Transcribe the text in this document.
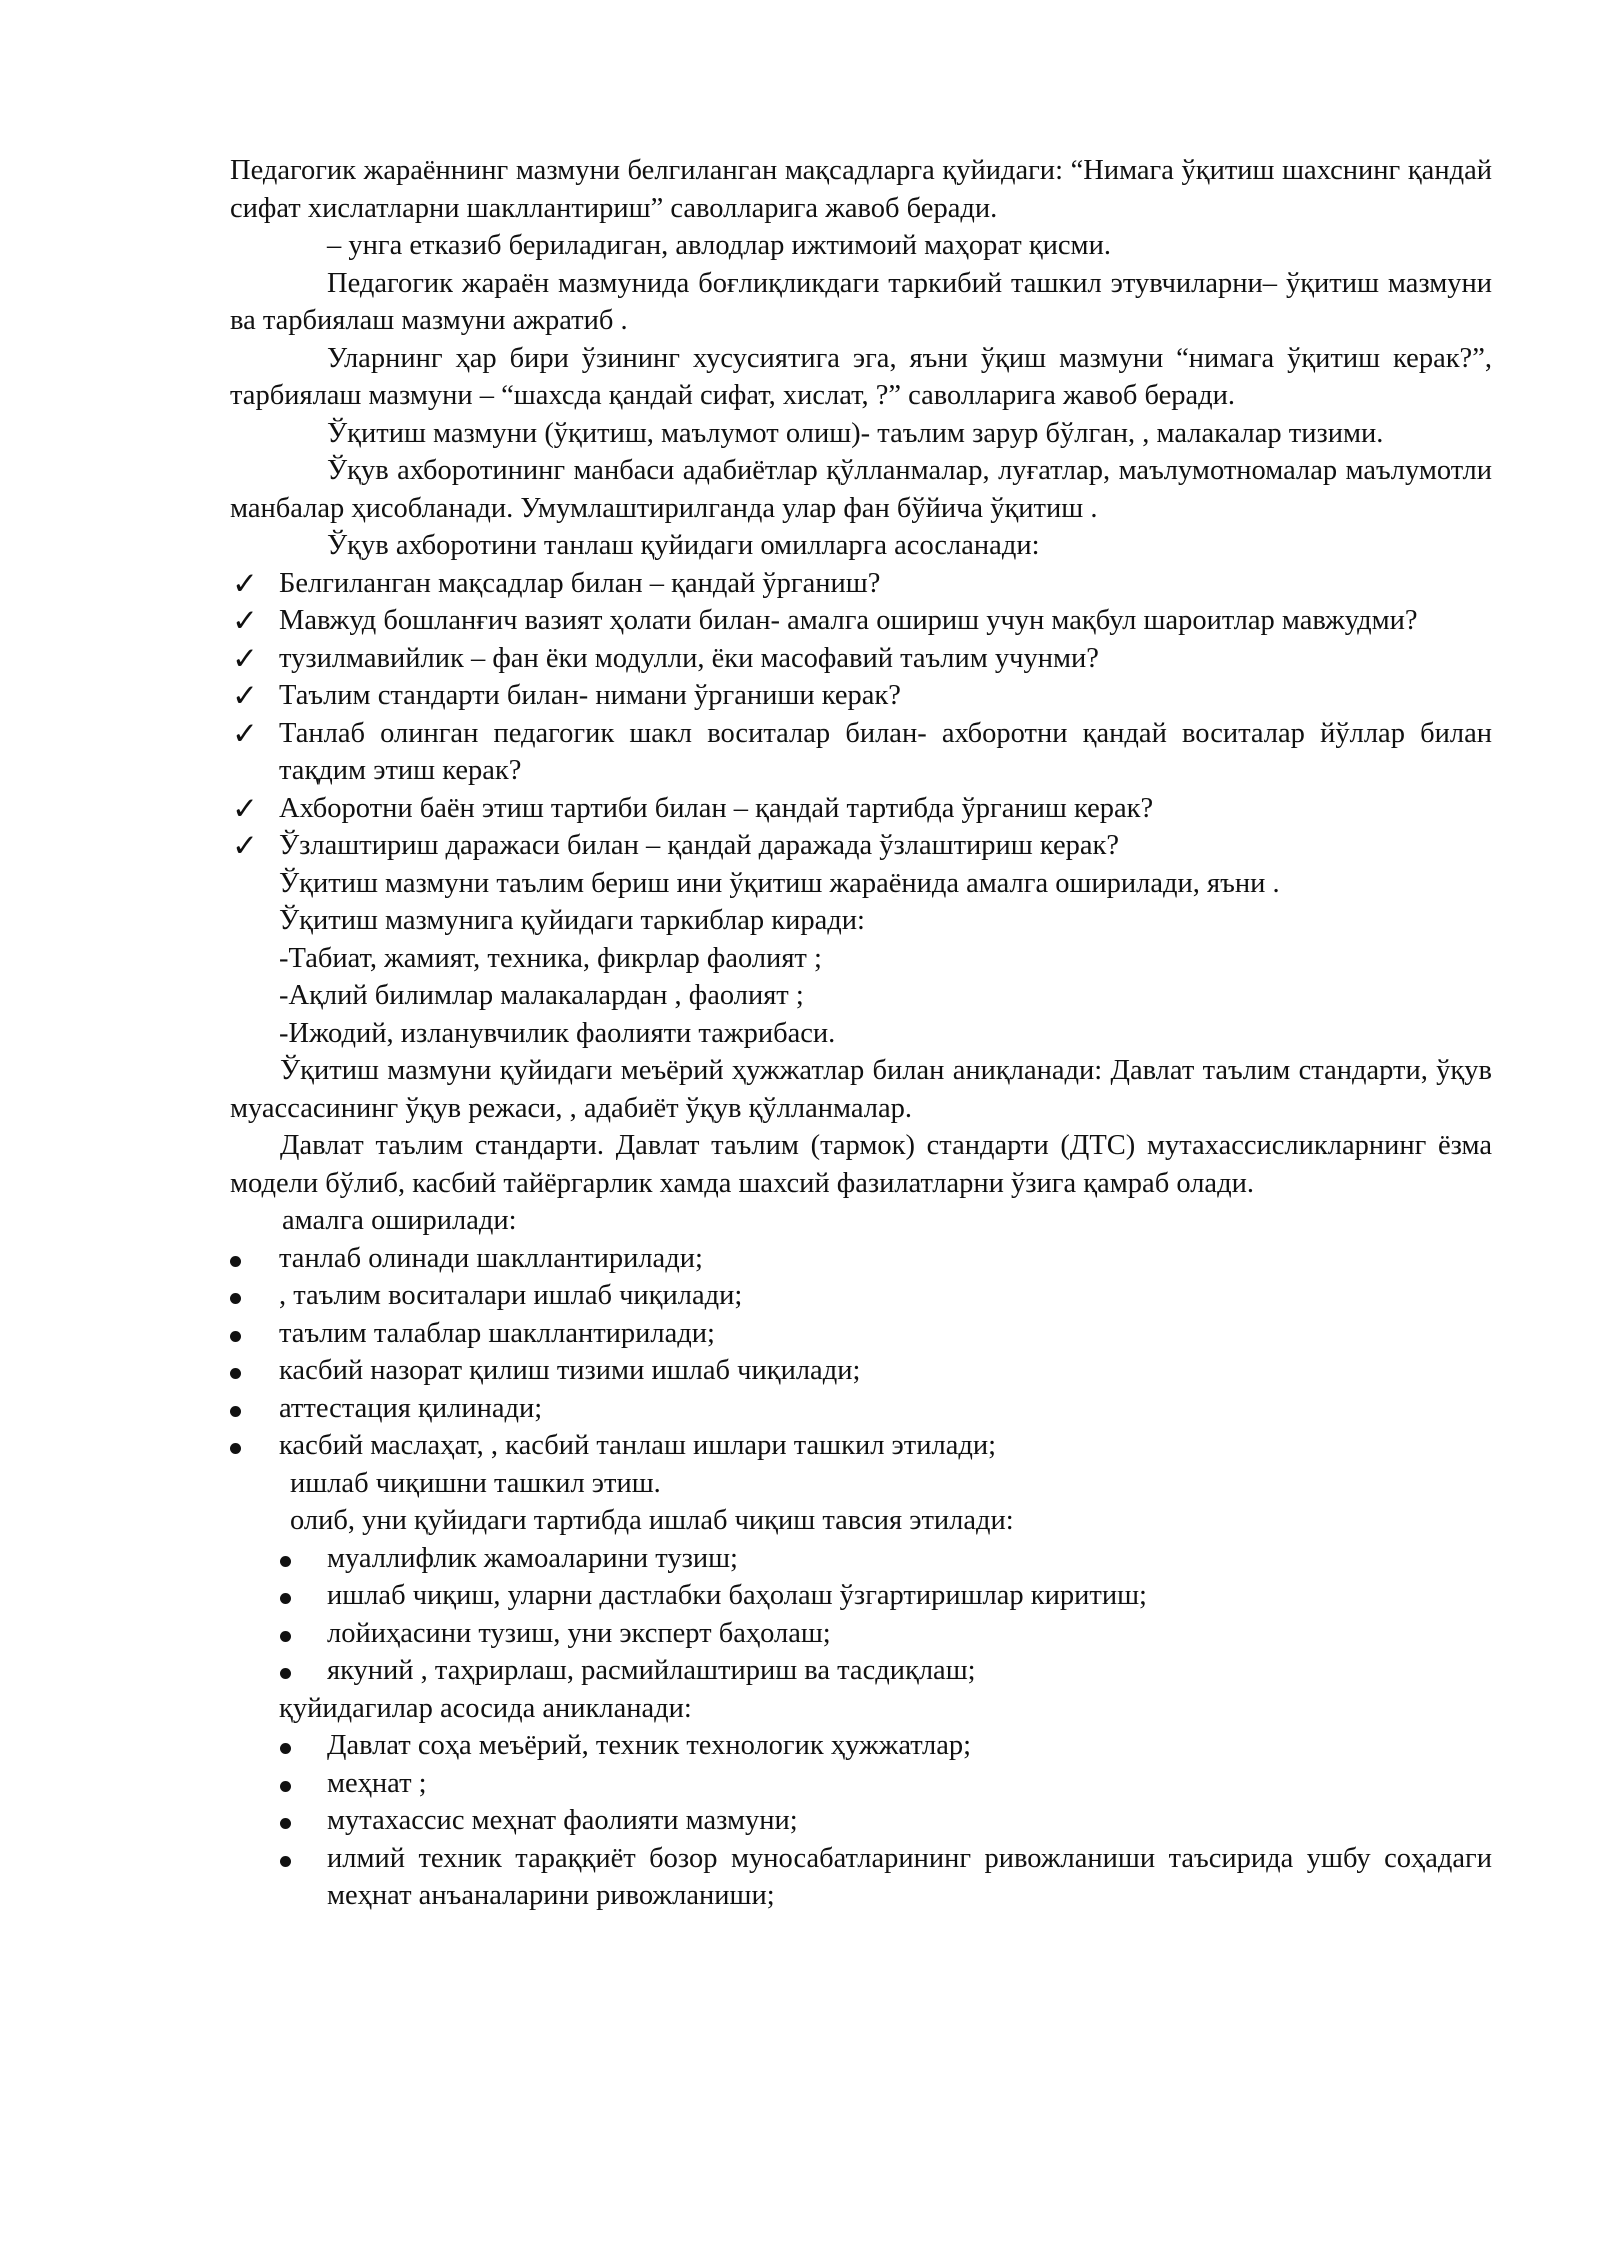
Педагогик жараённинг мазмуни белгиланган мақсадларга қуйидаги: “Нимага ўқитиш шахснинг қандай сифат хислатларни шакллантириш” саволларига жавоб беради.

– унга етказиб бериладиган, авлодлар ижтимоий маҳорат қисми.

Педагогик жараён мазмунида боғлиқликдаги таркибий ташкил этувчиларни– ўқитиш мазмуни ва тарбиялаш мазмуни ажратиб .

Уларнинг ҳар бири ўзининг хусусиятига эга, яъни ўқиш мазмуни “нимага ўқитиш керак?”, тарбиялаш мазмуни – “шахсда қандай сифат, хислат, ?” саволларига жавоб беради.

Ўқитиш мазмуни (ўқитиш, маълумот олиш)- таълим зарур бўлган, , малакалар тизими.

Ўқув ахборотининг манбаси адабиётлар қўлланмалар, луғатлар, маълумотномалар маълумотли манбалар ҳисобланади. Умумлаштирилганда улар фан бўйича ўқитиш .

Ўқув ахборотини танлаш қуйидаги омилларга асосланади:

✓ Белгиланган мақсадлар билан – қандай ўрганиш?
✓ Мавжуд бошланғич вазият ҳолати билан- амалга ошириш учун мақбул шароитлар мавжудми?
✓ тузилмавийлик – фан ёки модулли, ёки масофавий таълим учунми?
✓ Таълим стандарти билан- нимани ўрганиши керак?
✓ Танлаб олинган педагогик шакл воситалар билан- ахборотни қандай воситалар йўллар билан тақдим этиш керак?
✓ Ахборотни баён этиш тартиби билан – қандай тартибда ўрганиш керак?
✓ Ўзлаштириш даражаси билан – қандай даражада ўзлаштириш керак?

Ўқитиш мазмуни таълим бериш ини ўқитиш жараёнида амалга оширилади, яъни .

Ўқитиш мазмунига қуйидаги таркиблар киради:

-Табиат, жамият, техника, фикрлар фаолият ;

-Ақлий билимлар малакалардан , фаолият ;

-Ижодий, изланувчилик фаолияти тажрибаси.

Ўқитиш мазмуни қуйидаги меъёрий ҳужжатлар билан аниқланади: Давлат таълим стандарти, ўқув муассасининг ўқув режаси, , адабиёт ўқув қўлланмалар.

Давлат таълим стандарти. Давлат таълим (тармок) стандарти (ДТС) мутахассисликларнинг ёзма модели бўлиб, касбий тайёргарлик хамда шахсий фазилатларни ўзига қамраб олади.

амалга оширилади:

танлаб олинади шакллантирилади;
, таълим воситалари ишлаб чиқилади;
таълим талаблар шакллантирилади;
касбий назорат қилиш тизими ишлаб чиқилади;
аттестация қилинади;
касбий маслаҳат, , касбий танлаш ишлари ташкил этилади;

ишлаб чиқишни ташкил этиш.

олиб, уни қуйидаги тартибда ишлаб чиқиш тавсия этилади:

муаллифлик жамоаларини тузиш;
ишлаб чиқиш, уларни дастлабки баҳолаш ўзгартиришлар киритиш;
лойиҳасини тузиш, уни эксперт баҳолаш;
якуний , таҳрирлаш, расмийлаштириш ва тасдиқлаш;

қуйидагилар асосида аникланади:

Давлат соҳа меъёрий, техник технологик ҳужжатлар;
меҳнат ;
мутахассис меҳнат фаолияти мазмуни;
илмий техник тараққиёт бозор муносабатларининг ривожланиши таъсирида ушбу соҳадаги меҳнат анъаналарини ривожланиши;
